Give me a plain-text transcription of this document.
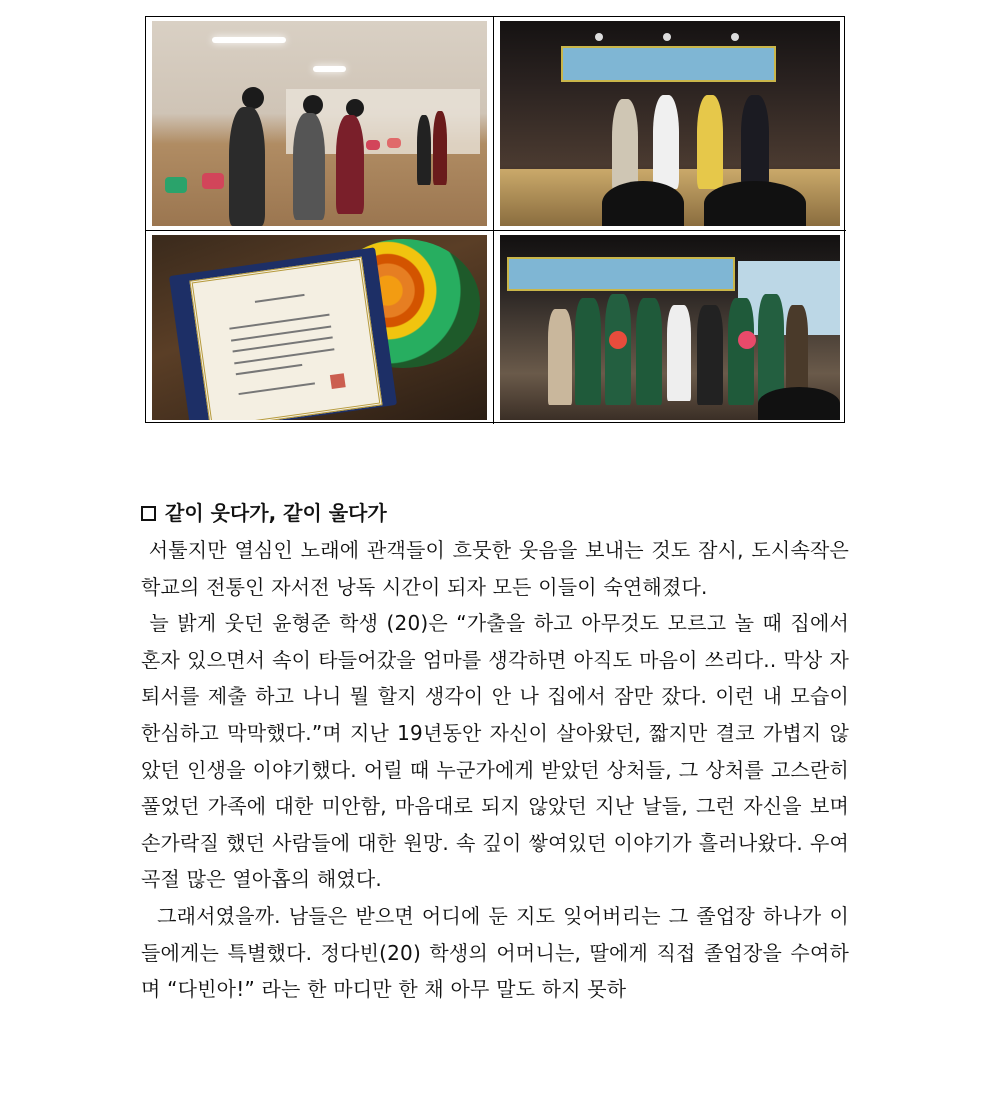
같이 웃다가, 같이 울다가

서툴지만 열심인 노래에 관객들이 흐뭇한 웃음을 보내는 것도 잠시, 도시속작은학교의 전통인 자서전 낭독 시간이 되자 모든 이들이 숙연해졌다.

늘 밝게 웃던 윤형준 학생 (20)은 “가출을 하고 아무것도 모르고 놀 때 집에서 혼자 있으면서 속이 타들어갔을 엄마를 생각하면 아직도 마음이 쓰리다.. 막상 자퇴서를 제출 하고 나니 뭘 할지 생각이 안 나 집에서 잠만 잤다. 이런 내 모습이 한심하고 막막했다.”며 지난 19년동안 자신이 살아왔던, 짧지만 결코 가볍지 않았던 인생을 이야기했다. 어릴 때 누군가에게 받았던 상처들, 그 상처를 고스란히 풀었던 가족에 대한 미안함, 마음대로 되지 않았던 지난 날들, 그런 자신을 보며 손가락질 했던 사람들에 대한 원망. 속 깊이 쌓여있던 이야기가 흘러나왔다. 우여곡절 많은 열아홉의 해였다.

그래서였을까. 남들은 받으면 어디에 둔 지도 잊어버리는 그 졸업장 하나가 이들에게는 특별했다. 정다빈(20) 학생의 어머니는, 딸에게 직접 졸업장을 수여하며 “다빈아!” 라는 한 마디만 한 채 아무 말도 하지 못하
